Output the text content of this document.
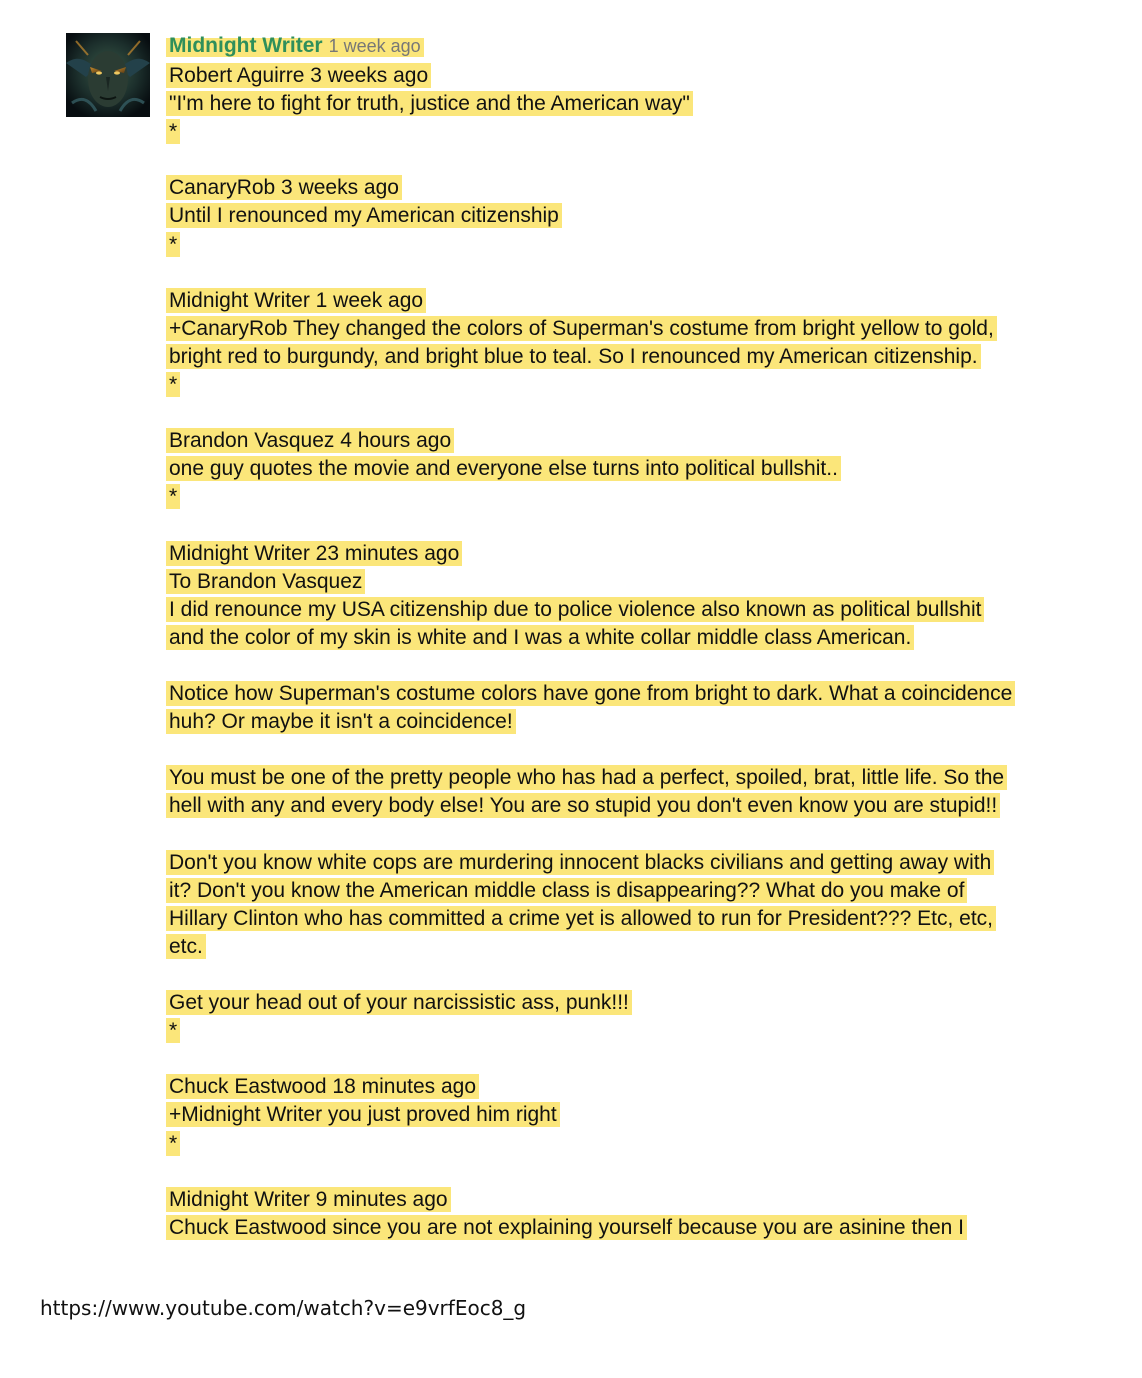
Midnight Writer 1 week ago
Robert Aguirre 3 weeks ago
"I'm here to fight for truth, justice and the American way"
*
CanaryRob 3 weeks ago
Until I renounced my American citizenship
*
Midnight Writer 1 week ago
+CanaryRob They changed the colors of Superman's costume from bright yellow to gold,
bright red to burgundy, and bright blue to teal. So I renounced my American citizenship.
*
Brandon Vasquez 4 hours ago
one guy quotes the movie and everyone else turns into political bullshit..
*
Midnight Writer 23 minutes ago
To Brandon Vasquez
I did renounce my USA citizenship due to police violence also known as political bullshit
and the color of my skin is white and I was a white collar middle class American.
Notice how Superman's costume colors have gone from bright to dark. What a coincidence
huh? Or maybe it isn't a coincidence!
You must be one of the pretty people who has had a perfect, spoiled, brat, little life. So the
hell with any and every body else! You are so stupid you don't even know you are stupid!!
Don't you know white cops are murdering innocent blacks civilians and getting away with
it? Don't you know the American middle class is disappearing?? What do you make of
Hillary Clinton who has committed a crime yet is allowed to run for President??? Etc, etc,
etc.
Get your head out of your narcissistic ass, punk!!!
*
Chuck Eastwood 18 minutes ago
+Midnight Writer you just proved him right
*
Midnight Writer 9 minutes ago
Chuck Eastwood since you are not explaining yourself because you are asinine then I
https://www.youtube.com/watch?v=e9vrfEoc8_g
